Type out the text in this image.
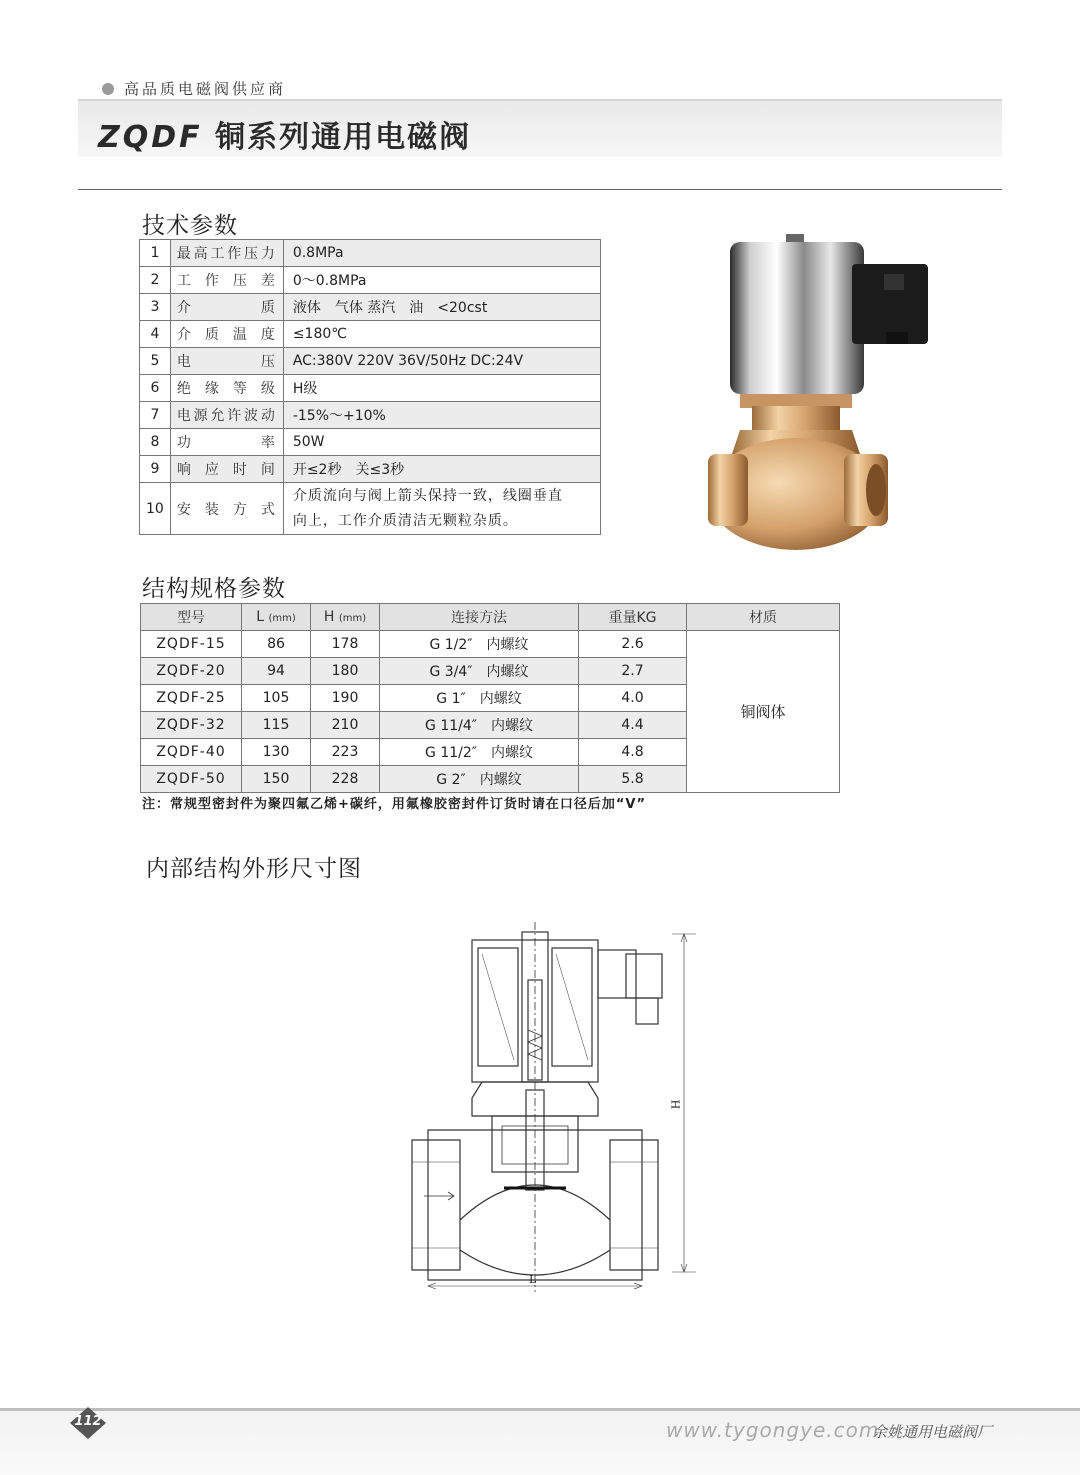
高品质电磁阀供应商
ZQDF 铜系列通用电磁阀
技术参数
1	最高工作压力	0.8MPa
2	工作压差	0～0.8MPa
3	介质	液体　气体 蒸汽　油　<20cst
4	介质温度	≤180℃
5	电压	AC:380V 220V 36V/50Hz DC:24V
6	绝缘等级	H级
7	电源允许波动	-15%～+10%
8	功率	50W
9	响应时间	开≤2秒　关≤3秒
10	安装方式	介质流向与阀上箭头保持一致，线圈垂直
向上，工作介质清洁无颗粒杂质。
结构规格参数
型号	L (mm)	H (mm)	连接方法	重量KG	材质
ZQDF-15	86	178	G 1/2″　内螺纹	2.6	铜阀体
ZQDF-20	94	180	G 3/4″　内螺纹	2.7	
ZQDF-25	105	190	G 1″　内螺纹	4.0	
ZQDF-32	115	210	G 11/4″　内螺纹	4.4	
ZQDF-40	130	223	G 11/2″　内螺纹	4.8	
ZQDF-50	150	228	G 2″　内螺纹	5.8	
注：常规型密封件为聚四氟乙烯+碳纤，用氟橡胶密封件订货时请在口径后加“V”
内部结构外形尺寸图
H
L
112	www.tygongye.com
余姚通用电磁阀厂
